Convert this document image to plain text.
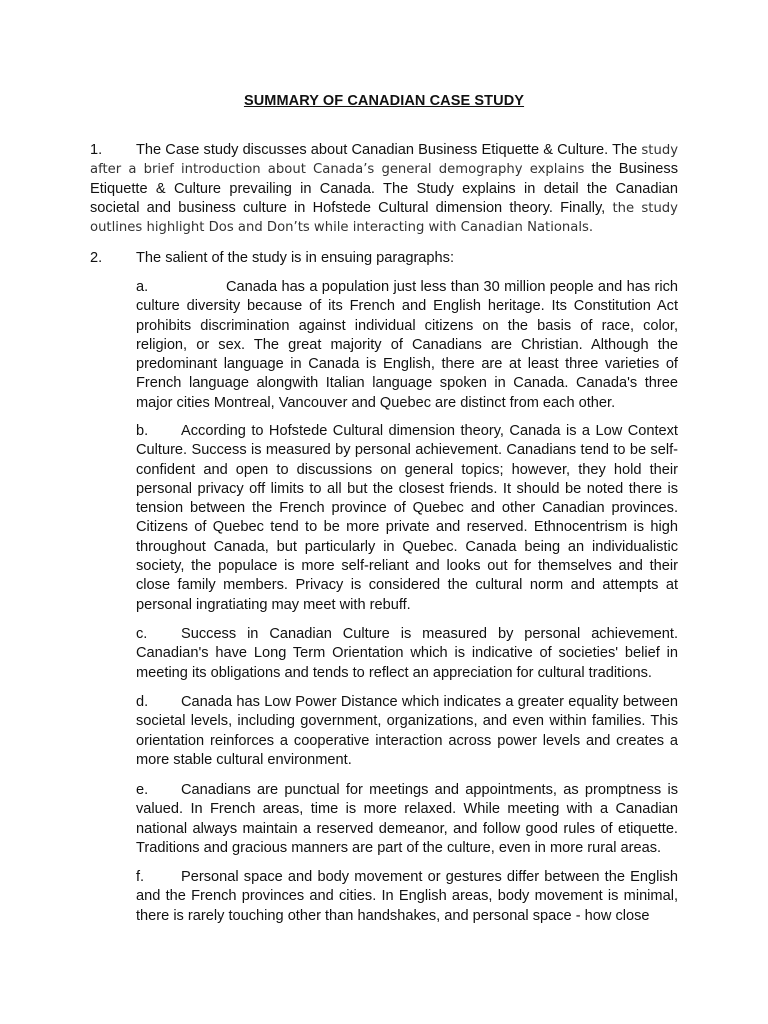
SUMMARY OF CANADIAN CASE STUDY

1. The Case study discusses about Canadian Business Etiquette & Culture. The study after a brief introduction about Canada’s general demography explains the Business Etiquette & Culture prevailing in Canada. The Study explains in detail the Canadian societal and business culture in Hofstede Cultural dimension theory. Finally, the study outlines highlight Dos and Don’ts while interacting with Canadian Nationals.

2. The salient of the study is in ensuing paragraphs:

a.	Canada has a population just less than 30 million people and has rich culture diversity because of its French and English heritage. Its Constitution Act prohibits discrimination against individual citizens on the basis of race, color, religion, or sex. The great majority of Canadians are Christian. Although the predominant language in Canada is English, there are at least three varieties of French language alongwith Italian language spoken in Canada. Canada's three major cities Montreal, Vancouver and Quebec are distinct from each other.

b. According to Hofstede Cultural dimension theory, Canada is a Low Context Culture. Success is measured by personal achievement. Canadians tend to be self-confident and open to discussions on general topics; however, they hold their personal privacy off limits to all but the closest friends. It should be noted there is tension between the French province of Quebec and other Canadian provinces. Citizens of Quebec tend to be more private and reserved. Ethnocentrism is high throughout Canada, but particularly in Quebec. Canada being an individualistic society, the populace is more self-reliant and looks out for themselves and their close family members. Privacy is considered the cultural norm and attempts at personal ingratiating may meet with rebuff.

c. Success in Canadian Culture is measured by personal achievement. Canadian's have Long Term Orientation which is indicative of societies' belief in meeting its obligations and tends to reflect an appreciation for cultural traditions.

d. Canada has Low Power Distance which indicates a greater equality between societal levels, including government, organizations, and even within families. This orientation reinforces a cooperative interaction across power levels and creates a more stable cultural environment.

e. Canadians are punctual for meetings and appointments, as promptness is valued. In French areas, time is more relaxed. While meeting with a Canadian national always maintain a reserved demeanor, and follow good rules of etiquette. Traditions and gracious manners are part of the culture, even in more rural areas.

f.	Personal space and body movement or gestures differ between the English and the French provinces and cities. In English areas, body movement is minimal, there is rarely touching other than handshakes, and personal space - how close
